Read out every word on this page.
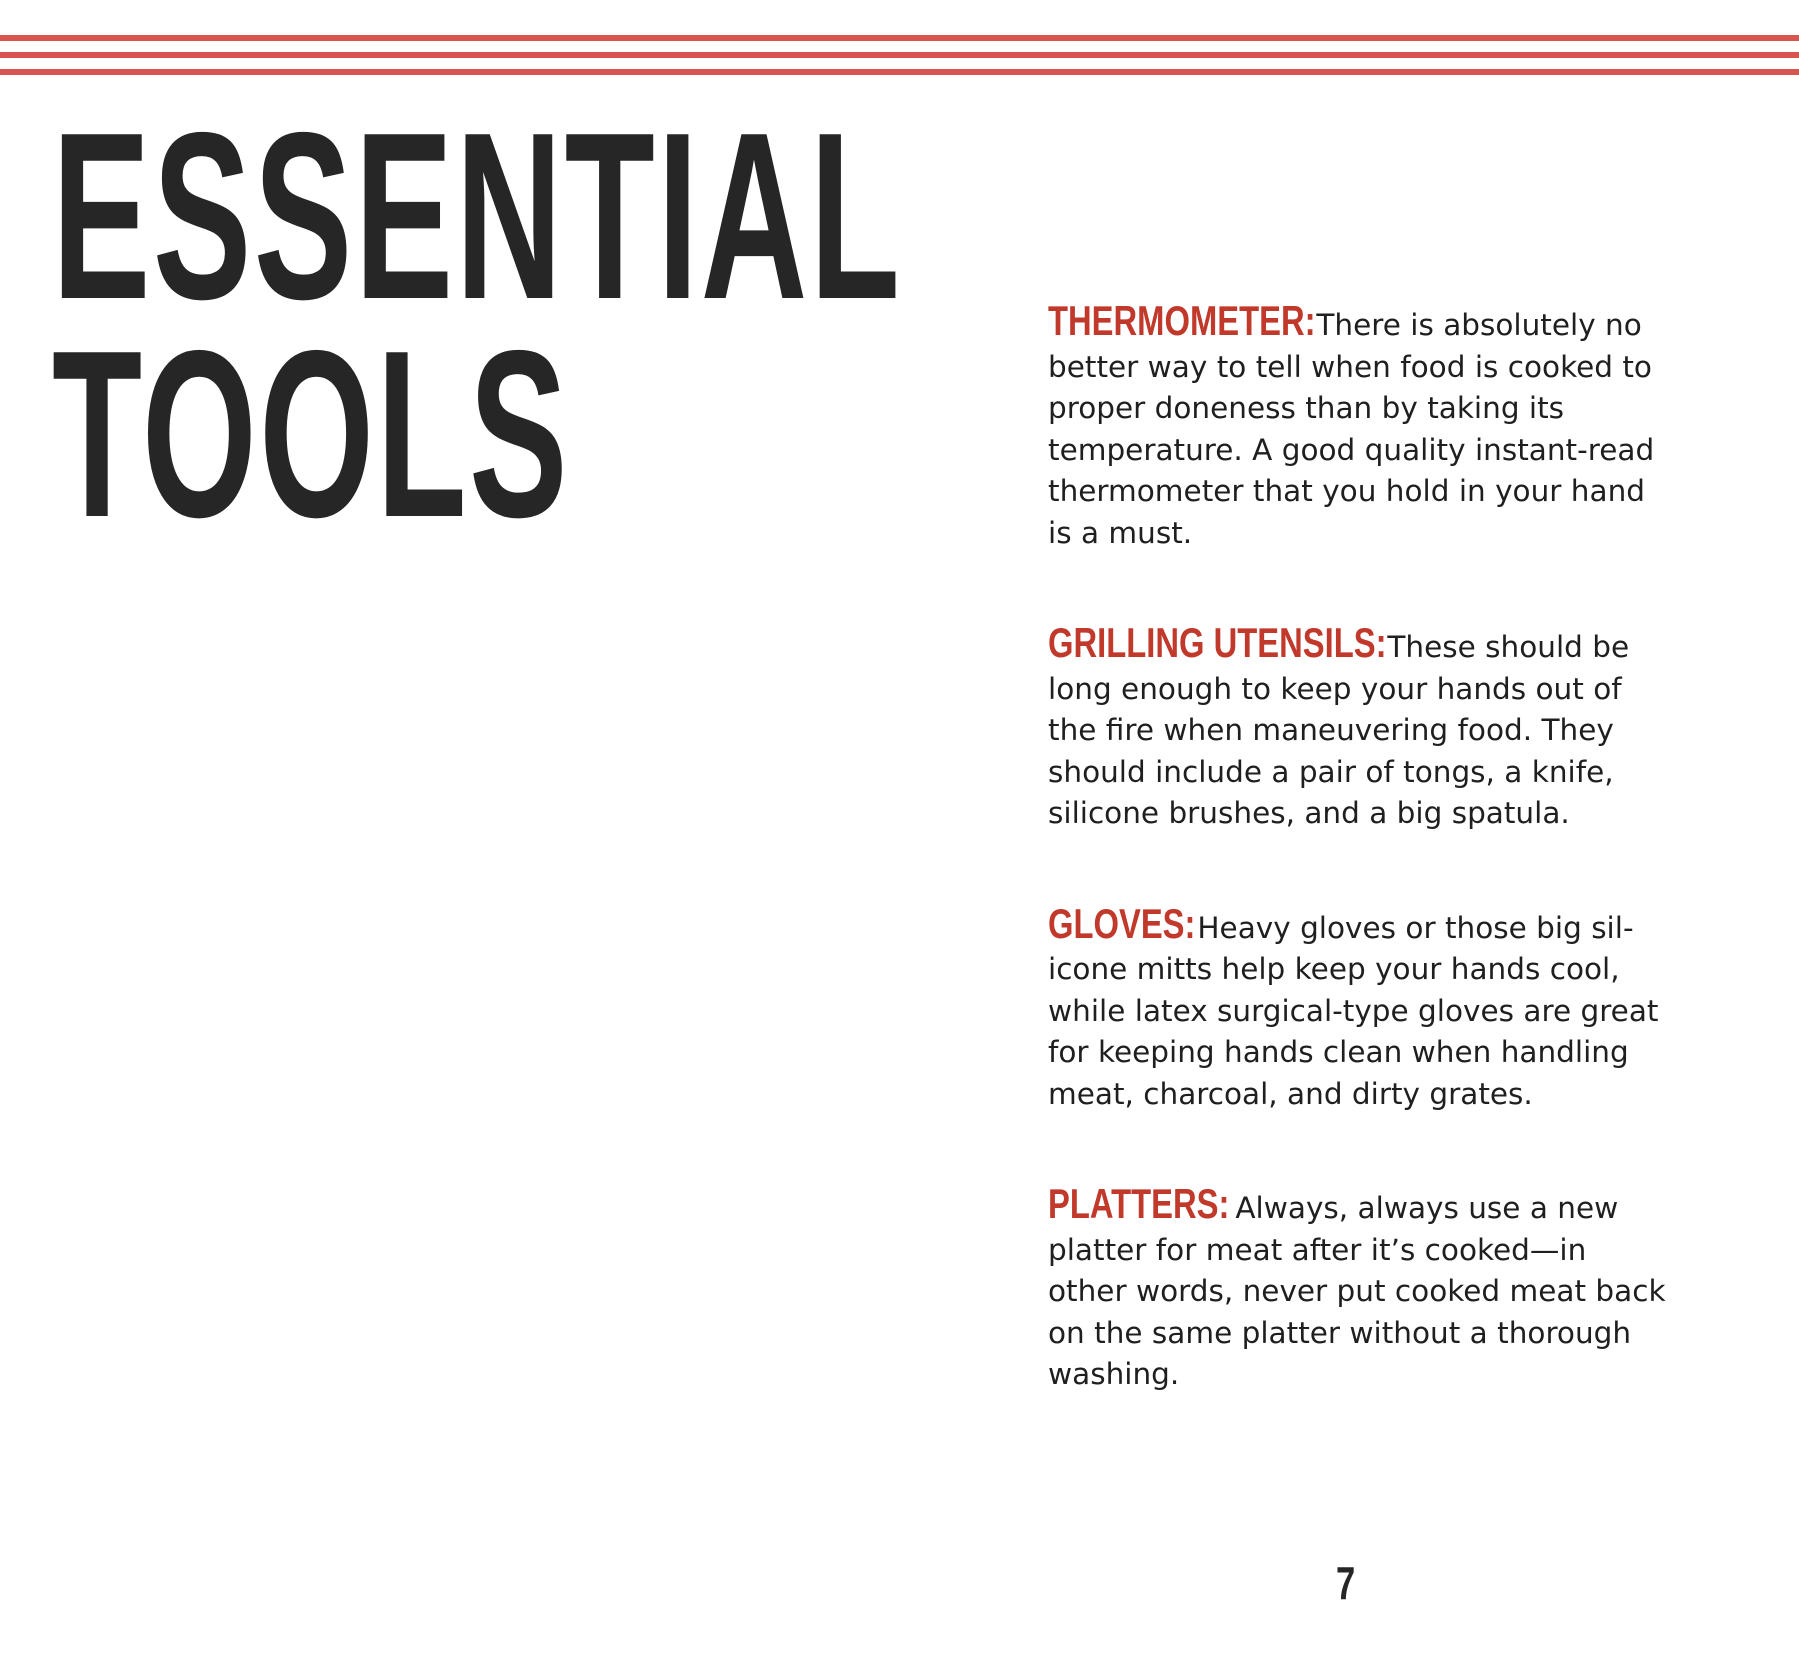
ESSENTIAL
TOOLS	THERMOMETER: There is absolutely no better way to tell when food is cooked to proper doneness than by taking its temperature. A good quality instant-read thermometer that you hold in your hand is a must.

GRILLING UTENSILS: These should be long enough to keep your hands out of the fire when maneuvering food. They should include a pair of tongs, a knife, silicone brushes, and a big spatula.

GLOVES: Heavy gloves or those big sil-icone mitts help keep your hands cool, while latex surgical-type gloves are great for keeping hands clean when handling meat, charcoal, and dirty grates.

PLATTERS: Always, always use a new platter for meat after it’s cooked—in other words, never put cooked meat back on the same platter without a thorough washing.

7
